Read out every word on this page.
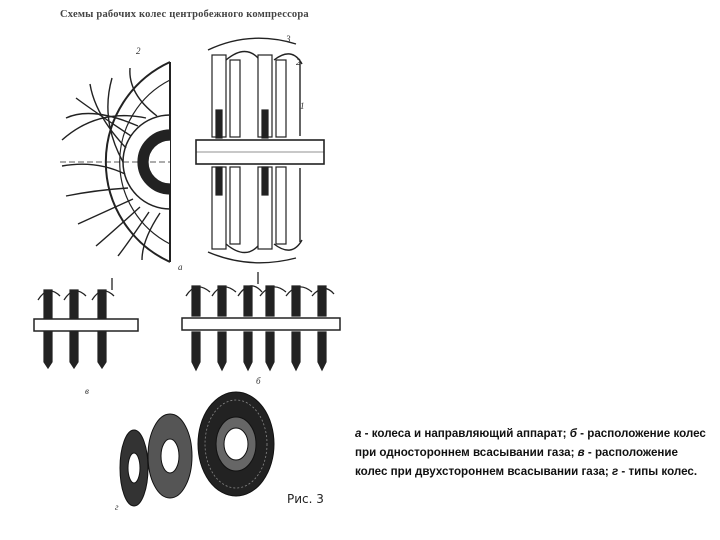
Схемы рабочих колес центробежного компрессора
а
в
б
г
1
2
2
3
а - колеса и направляющий аппарат; б - расположение колес при одностороннем всасывании газа; в - расположение колес при двухстороннем всасывании газа; г - типы колес.
Рис. 3
